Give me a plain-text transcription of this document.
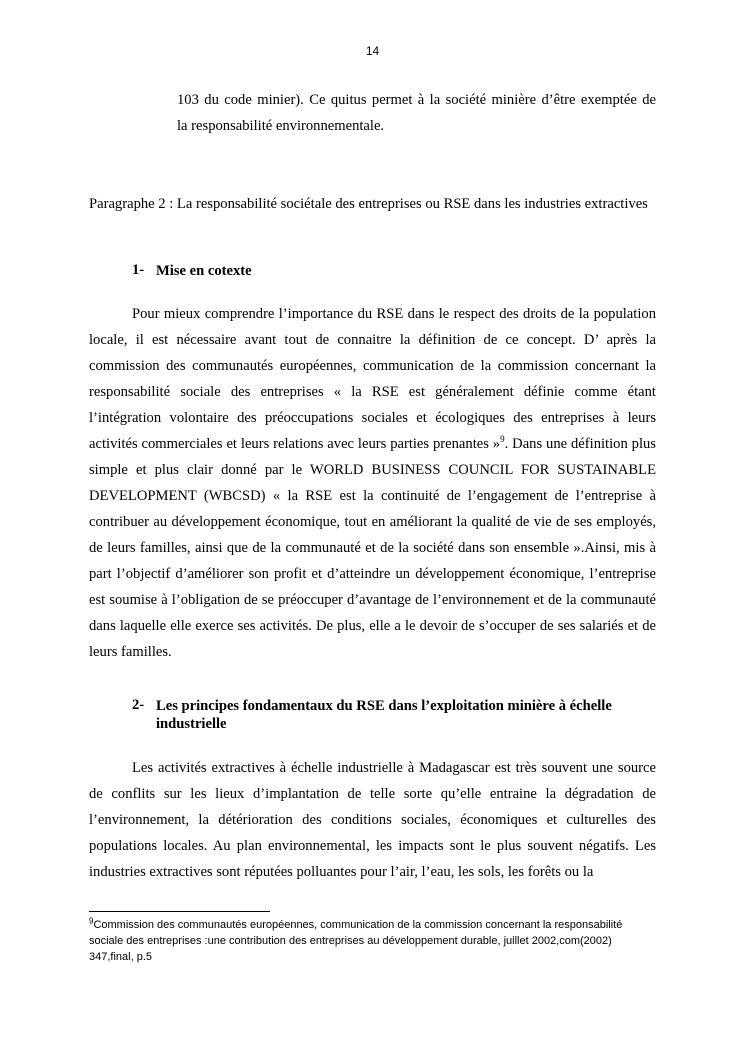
14
103 du code minier). Ce quitus permet à la société minière d’être exemptée de
la responsabilité environnementale.
Paragraphe 2 : La responsabilité sociétale des entreprises ou RSE dans les industries extractives
1- Mise en cotexte
Pour mieux comprendre l’importance du RSE dans le respect des droits de la population locale, il est nécessaire avant tout de connaitre la définition de ce concept. D’ après la commission des communautés européennes, communication de la commission concernant la responsabilité sociale des entreprises « la RSE est généralement définie comme étant l’intégration volontaire des préoccupations sociales et écologiques des entreprises à leurs activités commerciales et leurs relations avec leurs parties prenantes »$^9$. Dans une définition plus simple et plus clair donné par le WORLD BUSINESS COUNCIL FOR SUSTAINABLE DEVELOPMENT (WBCSD) « la RSE est la continuité de l’engagement de l’entreprise à contribuer au développement économique, tout en améliorant la qualité de vie de ses employés, de leurs familles, ainsi que de la communauté et de la société dans son ensemble ».Ainsi, mis à part l’objectif d’améliorer son profit et d’atteindre un développement économique, l’entreprise est soumise à l’obligation de se préoccuper d’avantage de l’environnement et de la communauté dans laquelle elle exerce ses activités. De plus, elle a le devoir de s’occuper de ses salariés et de leurs familles.
2- Les principes fondamentaux du RSE dans l’exploitation minière à échelle industrielle
Les activités extractives à échelle industrielle à Madagascar est très souvent une source de conflits sur les lieux d’implantation de telle sorte qu’elle entraine la dégradation de l’environnement, la détérioration des conditions sociales, économiques et culturelles des populations locales. Au plan environnemental, les impacts sont le plus souvent négatifs. Les industries extractives sont réputées polluantes pour l’air, l’eau, les sols, les forêts ou la
$^9$Commission des communautés européennes, communication de la commission concernant la responsabilité sociale des entreprises :une contribution des entreprises au développement durable, juillet 2002,com(2002) 347,final, p.5
